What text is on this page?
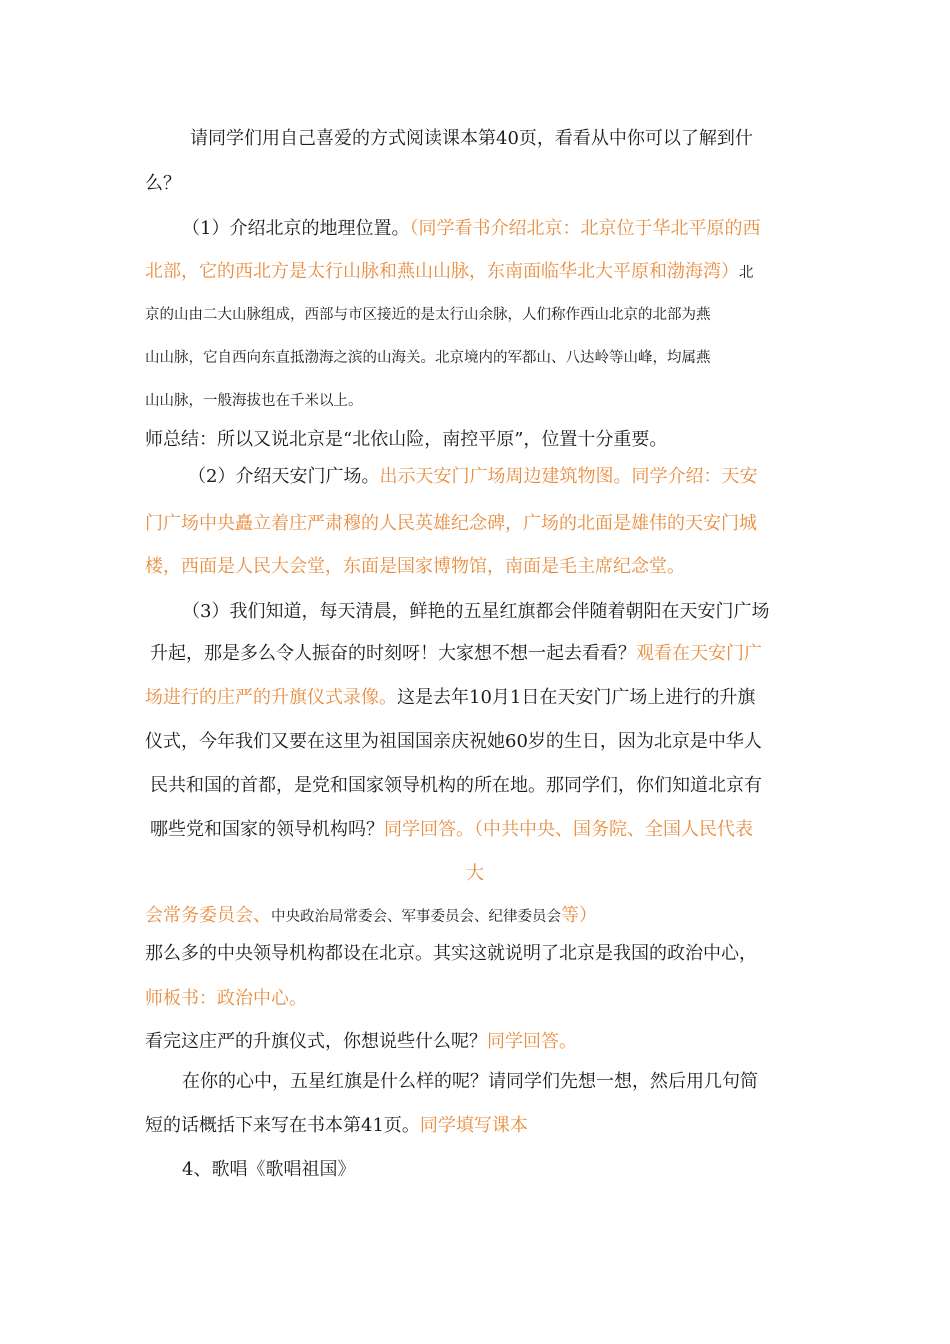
请同学们用自己喜爱的方式阅读课本第40页，看看从中你可以了解到什
么？
（1）介绍北京的地理位置。（同学看书介绍北京：北京位于华北平原的西
北部，它的西北方是太行山脉和燕山山脉，东南面临华北大平原和渤海湾）北
京的山由二大山脉组成，西部与市区接近的是太行山余脉，人们称作西山北京的北部为燕
山山脉，它自西向东直抵渤海之滨的山海关。北京境内的军都山、八达岭等山峰，均属燕
山山脉，一般海拔也在千米以上。
师总结：所以又说北京是“北依山险，南控平原”，位置十分重要。
（2）介绍天安门广场。出示天安门广场周边建筑物图。同学介绍：天安
门广场中央矗立着庄严肃穆的人民英雄纪念碑，广场的北面是雄伟的天安门城
楼，西面是人民大会堂，东面是国家博物馆，南面是毛主席纪念堂。
（3）我们知道，每天清晨，鲜艳的五星红旗都会伴随着朝阳在天安门广场
升起，那是多么令人振奋的时刻呀！大家想不想一起去看看？观看在天安门广
场进行的庄严的升旗仪式录像。这是去年10月1日在天安门广场上进行的升旗
仪式，今年我们又要在这里为祖国国亲庆祝她60岁的生日，因为北京是中华人
民共和国的首都，是党和国家领导机构的所在地。那同学们，你们知道北京有
哪些党和国家的领导机构吗？同学回答。（中共中央、国务院、全国人民代表
大
会常务委员会、中央政治局常委会、军事委员会、纪律委员会等）
那么多的中央领导机构都设在北京。其实这就说明了北京是我国的政治中心，
师板书：政治中心。
看完这庄严的升旗仪式，你想说些什么呢？同学回答。
在你的心中，五星红旗是什么样的呢？请同学们先想一想，然后用几句简
短的话概括下来写在书本第41页。同学填写课本
4、歌唱《歌唱祖国》
